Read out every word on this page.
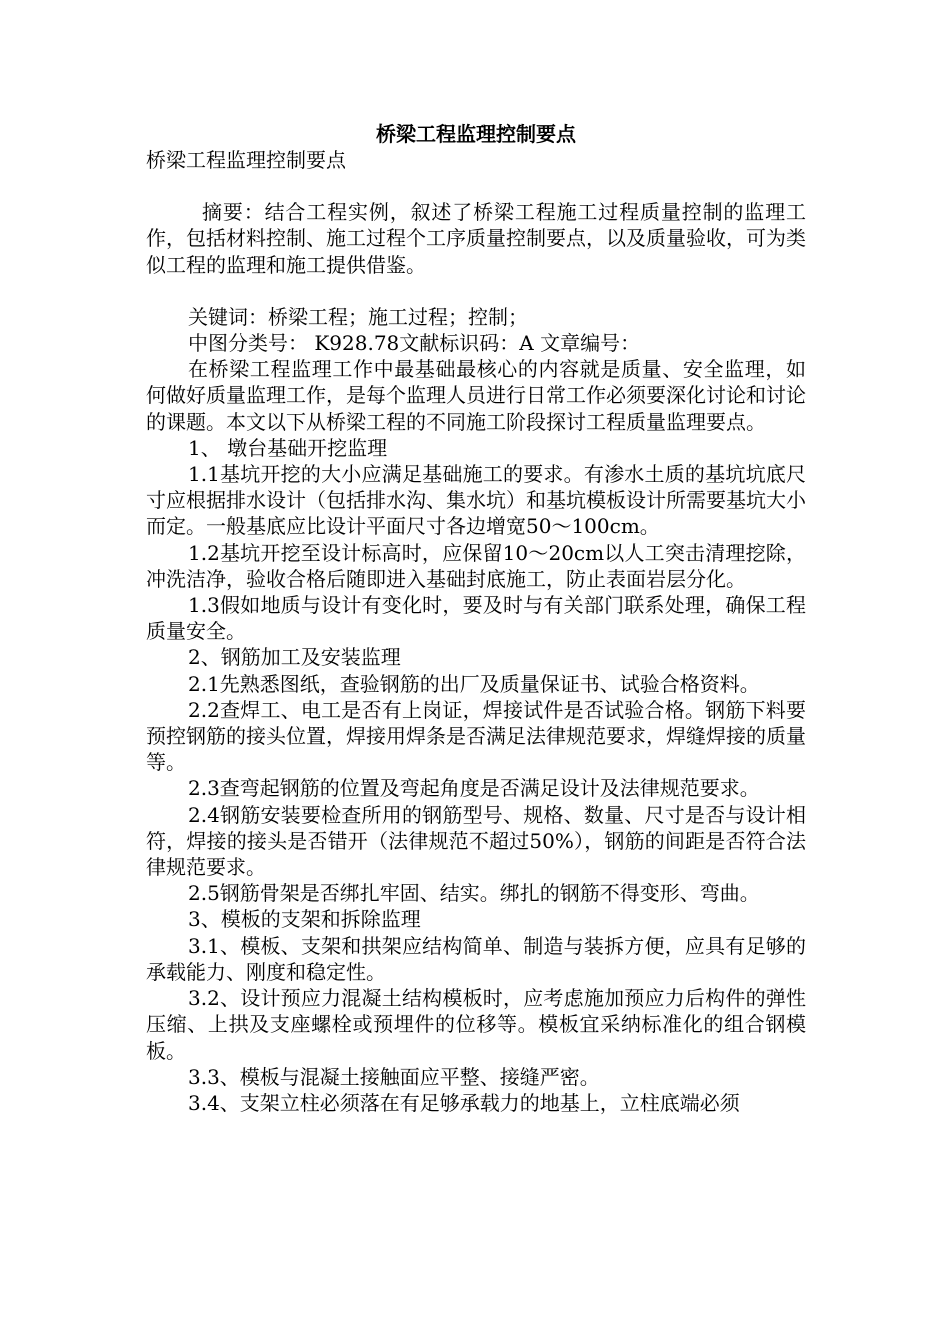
桥梁工程监理控制要点

桥梁工程监理控制要点

摘要：结合工程实例，叙述了桥梁工程施工过程质量控制的监理工作，包括材料控制、施工过程个工序质量控制要点，以及质量验收，可为类似工程的监理和施工提供借鉴。

关键词：桥梁工程；施工过程；控制；

中图分类号： K928.78文献标识码：A 文章编号：

在桥梁工程监理工作中最基础最核心的内容就是质量、安全监理，如何做好质量监理工作，是每个监理人员进行日常工作必须要深化讨论和讨论的课题。本文以下从桥梁工程的不同施工阶段探讨工程质量监理要点。

1、 墩台基础开挖监理

1.1基坑开挖的大小应满足基础施工的要求。有渗水土质的基坑坑底尺寸应根据排水设计（包括排水沟、集水坑）和基坑模板设计所需要基坑大小而定。一般基底应比设计平面尺寸各边增宽50～100cm。

1.2基坑开挖至设计标高时，应保留10～20cm以人工突击清理挖除，冲洗洁净，验收合格后随即进入基础封底施工，防止表面岩层分化。

1.3假如地质与设计有变化时，要及时与有关部门联系处理，确保工程质量安全。

2、钢筋加工及安装监理

2.1先熟悉图纸，查验钢筋的出厂及质量保证书、试验合格资料。

2.2查焊工、电工是否有上岗证，焊接试件是否试验合格。钢筋下料要预控钢筋的接头位置，焊接用焊条是否满足法律规范要求，焊缝焊接的质量等。

2.3查弯起钢筋的位置及弯起角度是否满足设计及法律规范要求。

2.4钢筋安装要检查所用的钢筋型号、规格、数量、尺寸是否与设计相符，焊接的接头是否错开（法律规范不超过50%），钢筋的间距是否符合法律规范要求。

2.5钢筋骨架是否绑扎牢固、结实。绑扎的钢筋不得变形、弯曲。

3、模板的支架和拆除监理

3.1、模板、支架和拱架应结构简单、制造与装拆方便，应具有足够的承载能力、刚度和稳定性。

3.2、设计预应力混凝土结构模板时，应考虑施加预应力后构件的弹性压缩、上拱及支座螺栓或预埋件的位移等。模板宜采纳标准化的组合钢模板。

3.3、模板与混凝土接触面应平整、接缝严密。

3.4、支架立柱必须落在有足够承载力的地基上，立柱底端必须
